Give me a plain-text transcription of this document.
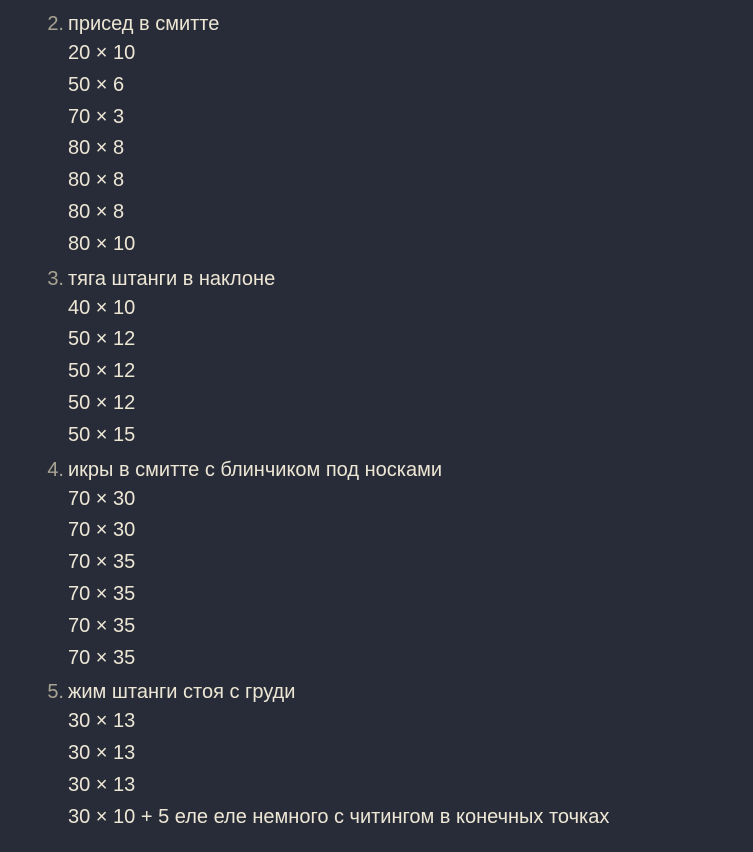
2. присед в смитте
20 × 10
50 × 6
70 × 3
80 × 8
80 × 8
80 × 8
80 × 10
3. тяга штанги в наклоне
40 × 10
50 × 12
50 × 12
50 × 12
50 × 15
4. икры в смитте с блинчиком под носками
70 × 30
70 × 30
70 × 35
70 × 35
70 × 35
70 × 35
5. жим штанги стоя с груди
30 × 13
30 × 13
30 × 13
30 × 10 + 5 еле еле немного с читингом в конечных точках
